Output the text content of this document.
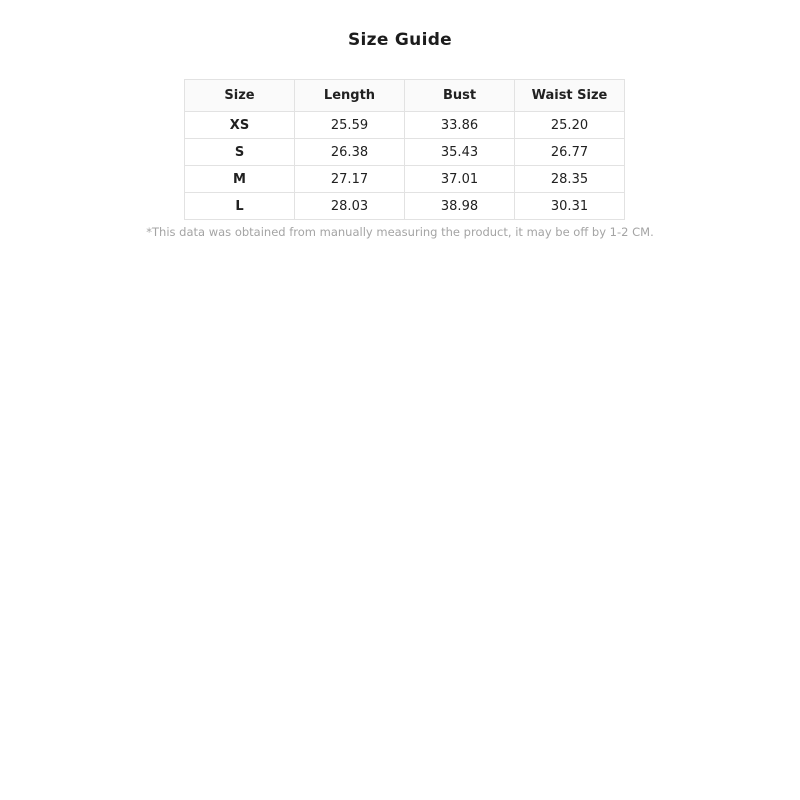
Size Guide
Size	Length	Bust	Waist Size
XS	25.59	33.86	25.20
S	26.38	35.43	26.77
M	27.17	37.01	28.35
L	28.03	38.98	30.31

*This data was obtained from manually measuring the product, it may be off by 1-2 CM.
